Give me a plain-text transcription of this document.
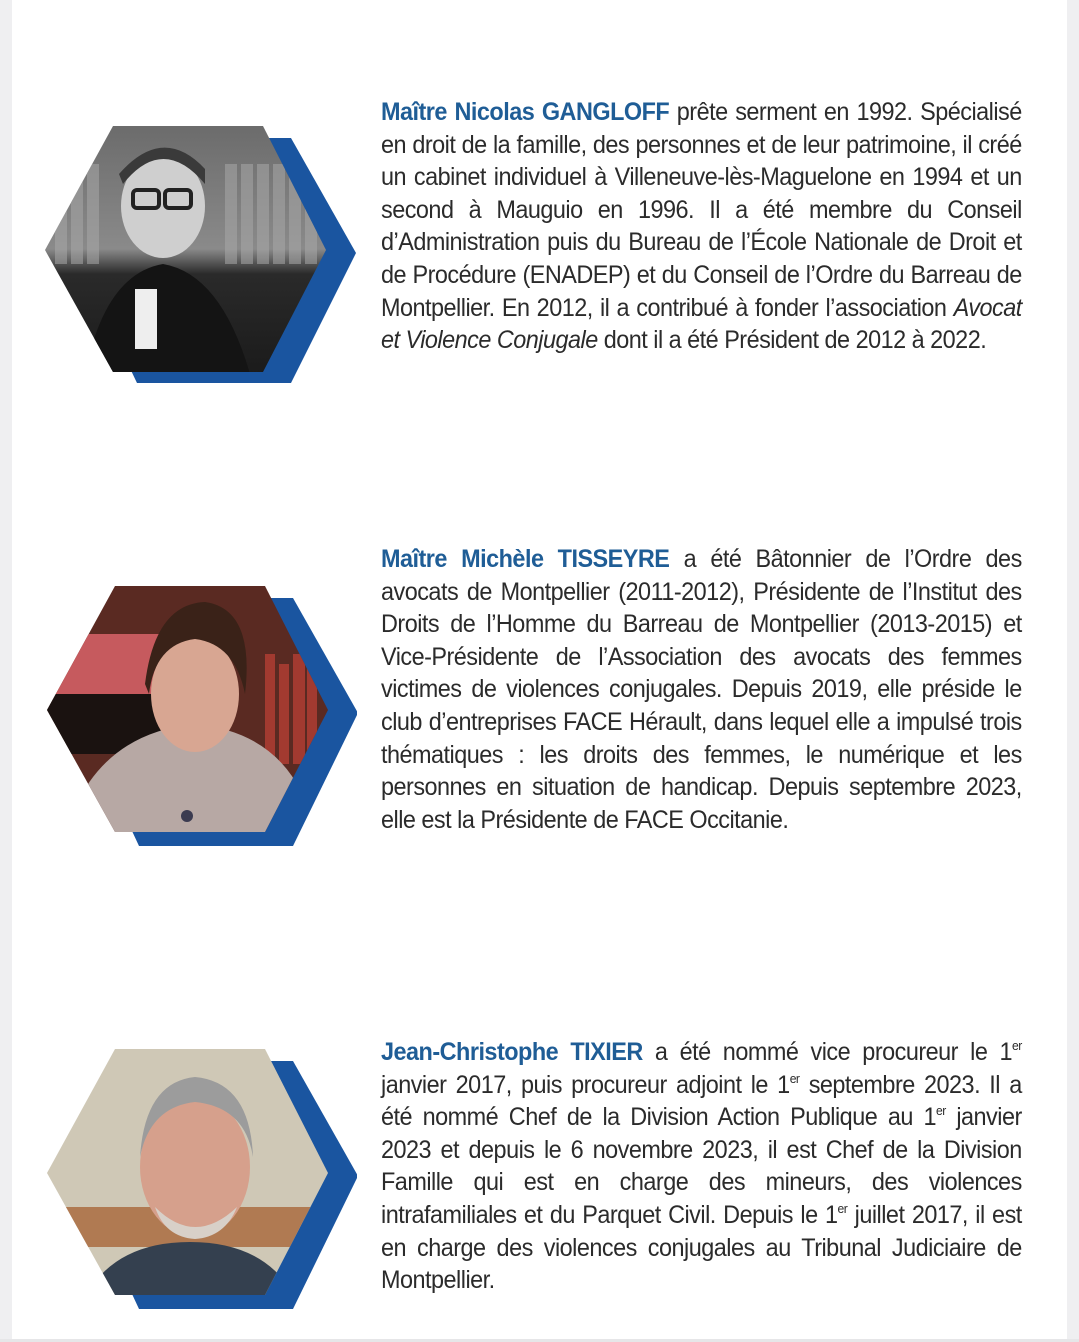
Maître Nicolas GANGLOFF prête serment en 1992. Spécialisé en droit de la famille, des personnes et de leur patrimoine, il créé un cabinet individuel à Villeneuve-lès-Maguelone en 1994 et un second à Mauguio en 1996. Il a été membre du Conseil d’Administration puis du Bureau de l’École Nationale de Droit et de Procédure (ENADEP) et du Conseil de l’Ordre du Barreau de Montpellier. En 2012, il a contribué à fonder l’association Avocat et Violence Conjugale dont il a été Président de 2012 à 2022.

Maître Michèle TISSEYRE a été Bâtonnier de l’Ordre des avocats de Montpellier (2011-2012), Présidente de l’Institut des Droits de l’Homme du Barreau de Montpellier (2013-2015) et Vice-Présidente de l’Association des avocats des femmes victimes de violences conjugales. Depuis 2019, elle préside le club d’entreprises FACE Hérault, dans lequel elle a impulsé trois thématiques : les droits des femmes, le numérique et les personnes en situation de handicap. Depuis septembre 2023, elle est la Présidente de FACE Occitanie.

Jean-Christophe TIXIER a été nommé vice procureur le 1er janvier 2017, puis procureur adjoint le 1er septembre 2023. Il a été nommé Chef de la Division Action Publique au 1er janvier 2023 et depuis le 6 novembre 2023, il est Chef de la Division Famille qui est en charge des mineurs, des violences intrafamiliales et du Parquet Civil. Depuis le 1er juillet 2017, il est en charge des violences conjugales au Tribunal Judiciaire de Montpellier.
